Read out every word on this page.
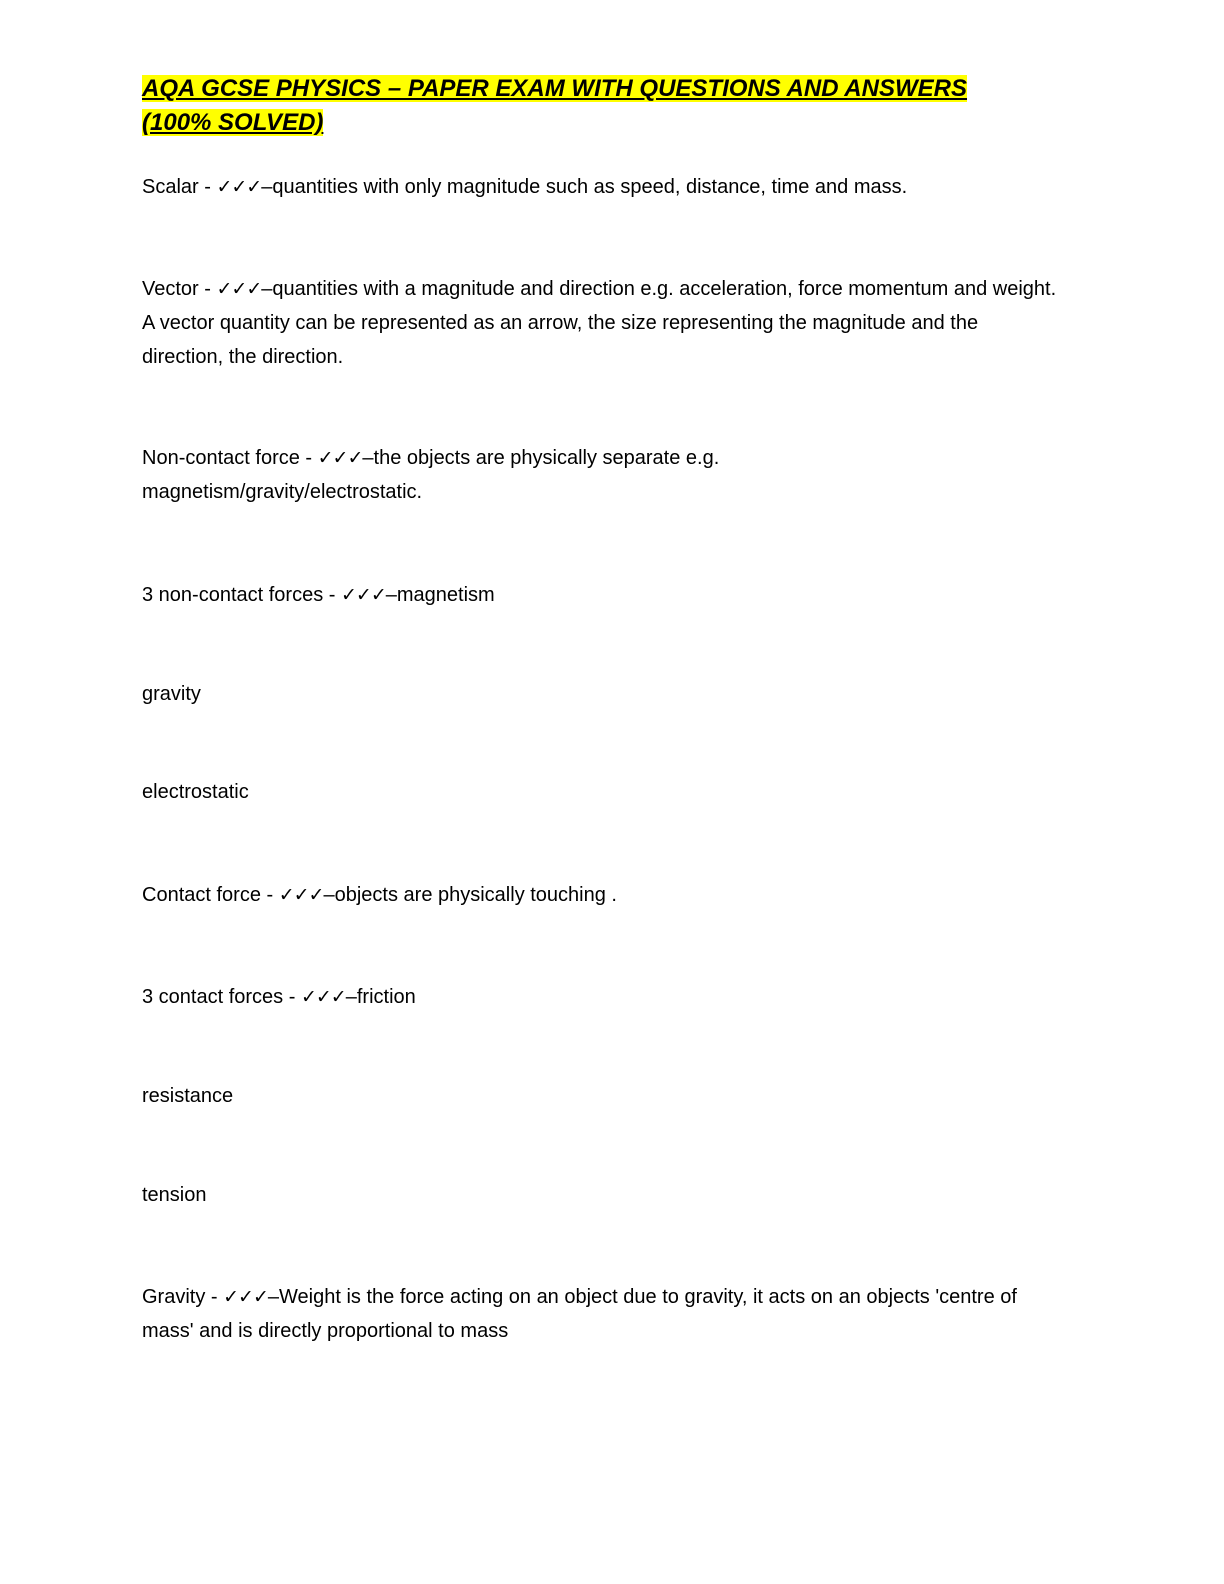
AQA GCSE PHYSICS – PAPER EXAM WITH QUESTIONS AND ANSWERS (100% SOLVED)
Scalar - ✓✓✓–quantities with only magnitude such as speed, distance, time and mass.
Vector - ✓✓✓–quantities with a magnitude and direction e.g. acceleration, force momentum and weight. A vector quantity can be represented as an arrow, the size representing the magnitude and the direction, the direction.
Non-contact force - ✓✓✓–the objects are physically separate e.g. magnetism/gravity/electrostatic.
3 non-contact forces - ✓✓✓–magnetism
gravity
electrostatic
Contact force - ✓✓✓–objects are physically touching .
3 contact forces - ✓✓✓–friction
resistance
tension
Gravity - ✓✓✓–Weight is the force acting on an object due to gravity, it acts on an objects 'centre of mass' and is directly proportional to mass
